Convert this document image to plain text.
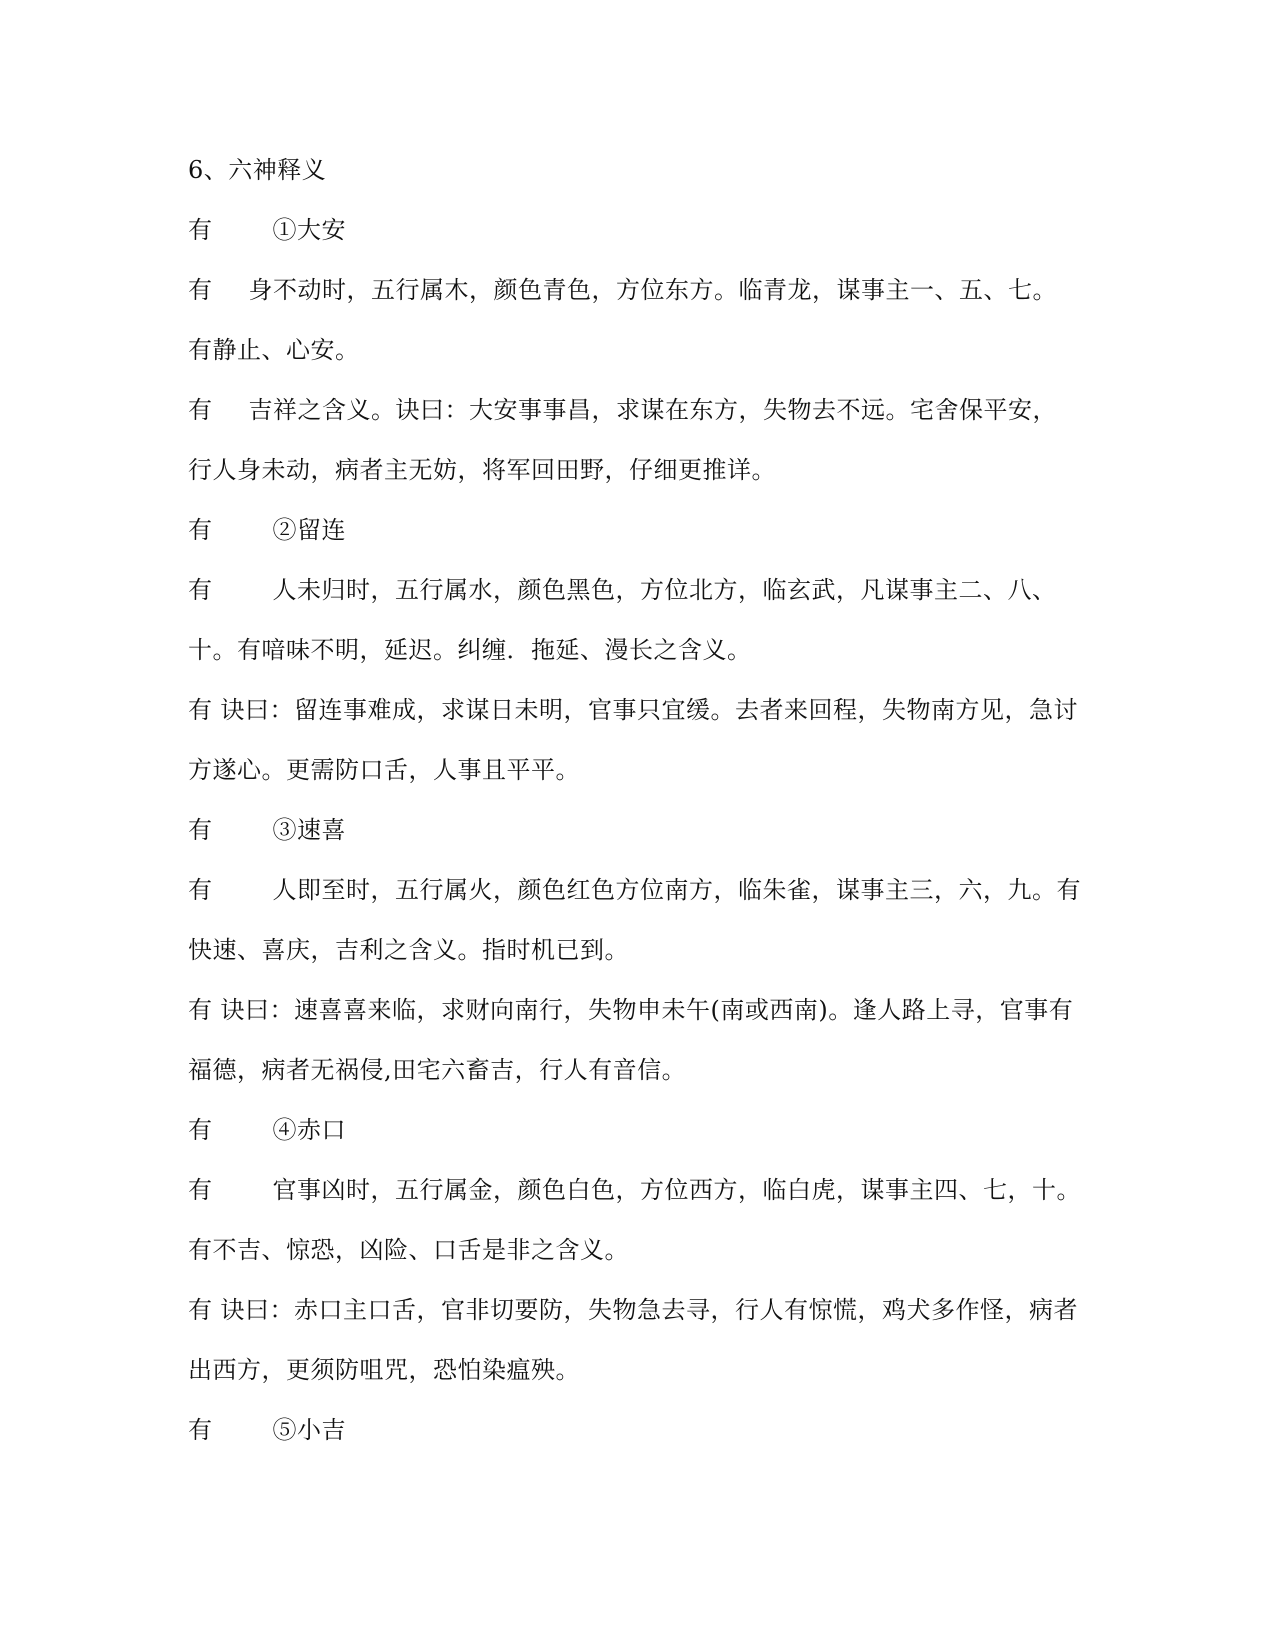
6、六神释义
有	①大安
有 身不动时，五行属木，颜色青色，方位东方。临青龙，谋事主一、五、七。
有静止、心安。
有 吉祥之含义。诀曰：大安事事昌，求谋在东方，失物去不远。宅舍保平安，
行人身未动，病者主无妨，将军回田野，仔细更推详。
有	②留连
有	人未归时，五行属水，颜色黑色，方位北方，临玄武，凡谋事主二、八、
十。有喑味不明，延迟。纠缠．拖延、漫长之含义。
有 诀曰：留连事难成，求谋日未明，官事只宜缓。去者来回程，失物南方见，急讨
方遂心。更需防口舌，人事且平平。
有	③速喜
有	人即至时，五行属火，颜色红色方位南方，临朱雀，谋事主三，六，九。有
快速、喜庆，吉利之含义。指时机已到。
有 诀曰：速喜喜来临，求财向南行，失物申未午(南或西南)。逢人路上寻，官事有
福德，病者无祸侵,田宅六畜吉，行人有音信。
有	④赤口
有	官事凶时，五行属金，颜色白色，方位西方，临白虎，谋事主四、七，十。
有不吉、惊恐，凶险、口舌是非之含义。
有 诀曰：赤口主口舌，官非切要防，失物急去寻，行人有惊慌，鸡犬多作怪，病者
出西方，更须防咀咒，恐怕染瘟殃。
有	⑤小吉
